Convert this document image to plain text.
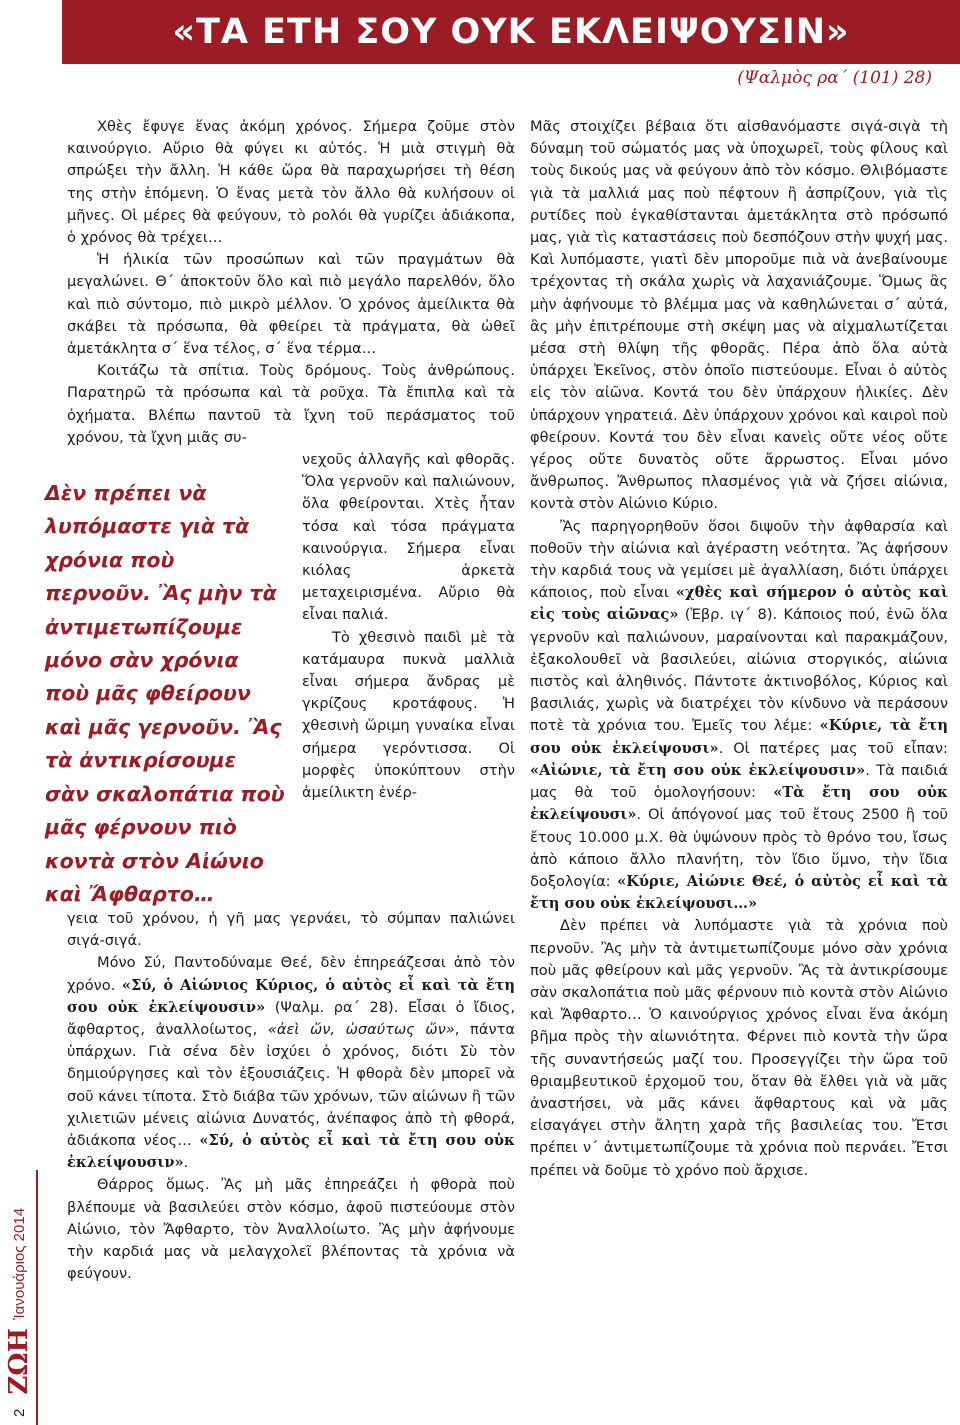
«ΤΑ ΕΤΗ ΣΟΥ ΟΥΚ ΕΚΛΕΙΨΟΥΣΙΝ»

(Ψαλμὸς ρα΄ (101) 28)

2
ΖΩΗ
Ἰανουάριος 2014

Χθὲς ἔφυγε ἕνας ἀκόμη χρόνος. Σήμερα ζοῦμε στὸν καινούργιο. Αὔριο θὰ φύγει κι αὐτός. Ἡ μιὰ στιγμὴ θὰ σπρώξει τὴν ἄλλη. Ἡ κάθε ὥρα θὰ παραχωρήσει τὴ θέση της στὴν ἑπόμενη. Ὁ ἕνας μετὰ τὸν ἄλλο θὰ κυλήσουν οἱ μῆνες. Οἱ μέρες θὰ φεύγουν, τὸ ρολόι θὰ γυρίζει ἀδιάκοπα, ὁ χρόνος θὰ τρέχει…

Ἡ ἡλικία τῶν προσώπων καὶ τῶν πραγμάτων θὰ μεγαλώνει. Θ΄ ἀποκτοῦν ὅλο καὶ πιὸ μεγάλο παρελθόν, ὅλο καὶ πιὸ σύντομο, πιὸ μικρὸ μέλλον. Ὁ χρόνος ἀμείλικτα θὰ σκάβει τὰ πρόσωπα, θὰ φθείρει τὰ πράγματα, θὰ ὠθεῖ ἀμετάκλητα σ΄ ἕνα τέλος, σ΄ ἕνα τέρμα…

Κοιτάζω τὰ σπίτια. Τοὺς δρόμους. Τοὺς ἀνθρώπους. Παρατηρῶ τὰ πρόσωπα καὶ τὰ ροῦχα. Τὰ ἔπιπλα καὶ τὰ ὀχήματα. Βλέπω παντοῦ τὰ ἴχνη τοῦ περάσματος τοῦ χρόνου, τὰ ἴχνη μιᾶς συ-

Δὲν πρέπει νὰ λυπόμαστε γιὰ τὰ χρόνια ποὺ περνοῦν. Ἂς μὴν τὰ ἀντιμετωπίζουμε μόνο σὰν χρόνια ποὺ μᾶς φθείρουν καὶ μᾶς γερνοῦν. Ἂς τὰ ἀντικρίσουμε σὰν σκαλοπάτια ποὺ μᾶς φέρνουν πιὸ κοντὰ στὸν Αἰώνιο καὶ Ἄφθαρτο…

νεχοῦς ἀλλαγῆς καὶ φθορᾶς. Ὅλα γερνοῦν καὶ παλιώνουν, ὅλα φθείρονται. Χτὲς ἦταν τόσα καὶ τόσα πράγματα καινούργια. Σήμερα εἶναι κιόλας ἀρκετὰ μεταχειρισμένα. Αὔριο θὰ εἶναι παλιά.

Τὸ χθεσινὸ παιδὶ μὲ τὰ κατάμαυρα πυκνὰ μαλλιὰ εἶναι σήμερα ἄνδρας μὲ γκρίζους κροτάφους. Ἡ χθεσινὴ ὥριμη γυναίκα εἶναι σήμερα γερόντισσα. Οἱ μορφὲς ὑποκύπτουν στὴν ἀμείλικτη ἐνέρ-

γεια τοῦ χρόνου, ἡ γῆ μας γερνάει, τὸ σύμπαν παλιώνει σιγά-σιγά.

Μόνο Σύ, Παντοδύναμε Θεέ, δὲν ἐπηρεάζεσαι ἀπὸ τὸν χρόνο. «Σύ, ὁ Αἰώνιος Κύριος, ὁ αὐτὸς εἶ καὶ τὰ ἔτη σου οὐκ ἐκλείψουσιν» (Ψαλμ. ρα΄ 28). Εἶσαι ὁ ἴδιος, ἄφθαρτος, ἀναλλοίωτος, «ἀεὶ ὤν, ὡσαύτως ὤν», πάντα ὑπάρχων. Γιὰ σένα δὲν ἰσχύει ὁ χρόνος, διότι Σὺ τὸν δημιούργησες καὶ τὸν ἐξουσιάζεις. Ἡ φθορὰ δὲν μπορεῖ νὰ σοῦ κάνει τίποτα. Στὸ διάβα τῶν χρόνων, τῶν αἰώνων ἢ τῶν χιλιετιῶν μένεις αἰώνια Δυνατός, ἀνέπαφος ἀπὸ τὴ φθορά, ἀδιάκοπα νέος… «Σύ, ὁ αὐτὸς εἶ καὶ τὰ ἔτη σου οὐκ ἐκλείψουσιν».

Θάρρος ὅμως. Ἂς μὴ μᾶς ἐπηρεάζει ἡ φθορὰ ποὺ βλέπουμε νὰ βασιλεύει στὸν κόσμο, ἀφοῦ πιστεύουμε στὸν Αἰώνιο, τὸν Ἄφθαρτο, τὸν Ἀναλλοίωτο. Ἂς μὴν ἀφήνουμε τὴν καρδιά μας νὰ μελαγχολεῖ βλέποντας τὰ χρόνια νὰ φεύγουν.

Μᾶς στοιχίζει βέβαια ὅτι αἰσθανόμαστε σιγά-σιγὰ τὴ δύναμη τοῦ σώματός μας νὰ ὑποχωρεῖ, τοὺς φίλους καὶ τοὺς δικούς μας νὰ φεύγουν ἀπὸ τὸν κόσμο. Θλιβόμαστε γιὰ τὰ μαλλιά μας ποὺ πέφτουν ἢ ἀσπρίζουν, γιὰ τὶς ρυτίδες ποὺ ἐγκαθίστανται ἀμετάκλητα στὸ πρόσωπό μας, γιὰ τὶς καταστάσεις ποὺ δεσπόζουν στὴν ψυχή μας. Καὶ λυπόμαστε, γιατὶ δὲν μποροῦμε πιὰ νὰ ἀνεβαίνουμε τρέχοντας τὴ σκάλα χωρὶς νὰ λαχανιάζουμε. Ὅμως ἂς μὴν ἀφήνουμε τὸ βλέμμα μας νὰ καθηλώνεται σ΄ αὐτά, ἂς μὴν ἐπιτρέπουμε στὴ σκέψη μας νὰ αἰχμαλωτίζεται μέσα στὴ θλίψη τῆς φθορᾶς. Πέρα ἀπὸ ὅλα αὐτὰ ὑπάρχει Ἐκεῖνος, στὸν ὁποῖο πιστεύουμε. Εἶναι ὁ αὐτὸς εἰς τὸν αἰῶνα. Κοντά του δὲν ὑπάρχουν ἡλικίες. Δὲν ὑπάρχουν γηρατειά. Δὲν ὑπάρχουν χρόνοι καὶ καιροὶ ποὺ φθείρουν. Κοντά του δὲν εἶναι κανεὶς οὔτε νέος οὔτε γέρος οὔτε δυνατὸς οὔτε ἄρρωστος. Εἶναι μόνο ἄνθρωπος. Ἄνθρωπος πλασμένος γιὰ νὰ ζήσει αἰώνια, κοντὰ στὸν Αἰώνιο Κύριο.

Ἂς παρηγορηθοῦν ὅσοι διψοῦν τὴν ἀφθαρσία καὶ ποθοῦν τὴν αἰώνια καὶ ἀγέραστη νεότητα. Ἂς ἀφήσουν τὴν καρδιά τους νὰ γεμίσει μὲ ἀγαλλίαση, διότι ὑπάρχει κάποιος, ποὺ εἶναι «χθὲς καὶ σήμερον ὁ αὐτὸς καὶ εἰς τοὺς αἰῶνας» (Ἑβρ. ιγ΄ 8). Κάποιος πού, ἐνῶ ὅλα γερνοῦν καὶ παλιώνουν, μαραίνονται καὶ παρακμάζουν, ἐξακολουθεῖ νὰ βασιλεύει, αἰώνια στοργικός, αἰώνια πιστὸς καὶ ἀληθινός. Πάντοτε ἀκτινοβόλος, Κύριος καὶ βασιλιάς, χωρὶς νὰ διατρέχει τὸν κίνδυνο νὰ περάσουν ποτὲ τὰ χρόνια του. Ἐμεῖς του λέμε: «Κύριε, τὰ ἔτη σου οὐκ ἐκλείψουσι». Οἱ πατέρες μας τοῦ εἶπαν: «Αἰώνιε, τὰ ἔτη σου οὐκ ἐκλείψουσιν». Τὰ παιδιά μας θὰ τοῦ ὁμολογήσουν: «Τὰ ἔτη σου οὐκ ἐκλείψουσι». Οἱ ἀπόγονοί μας τοῦ ἔτους 2500 ἢ τοῦ ἔτους 10.000 μ.Χ. θὰ ὑψώνουν πρὸς τὸ θρόνο του, ἴσως ἀπὸ κάποιο ἄλλο πλανήτη, τὸν ἴδιο ὕμνο, τὴν ἴδια δοξολογία: «Κύριε, Αἰώνιε Θεέ, ὁ αὐτὸς εἶ καὶ τὰ ἔτη σου οὐκ ἐκλείψουσι…»

Δὲν πρέπει νὰ λυπόμαστε γιὰ τὰ χρόνια ποὺ περνοῦν. Ἂς μὴν τὰ ἀντιμετωπίζουμε μόνο σὰν χρόνια ποὺ μᾶς φθείρουν καὶ μᾶς γερνοῦν. Ἂς τὰ ἀντικρίσουμε σὰν σκαλοπάτια ποὺ μᾶς φέρνουν πιὸ κοντὰ στὸν Αἰώνιο καὶ Ἄφθαρτο… Ὁ καινούργιος χρόνος εἶναι ἕνα ἀκόμη βῆμα πρὸς τὴν αἰωνιότητα. Φέρνει πιὸ κοντὰ τὴν ὥρα τῆς συναντήσεώς μαζί του. Προσεγγίζει τὴν ὥρα τοῦ θριαμβευτικοῦ ἐρχομοῦ του, ὅταν θὰ ἔλθει γιὰ νὰ μᾶς ἀναστήσει, νὰ μᾶς κάνει ἄφθαρτους καὶ νὰ μᾶς εἰσαγάγει στὴν ἄλητη χαρὰ τῆς βασιλείας του. Ἔτσι πρέπει ν΄ ἀντιμετωπίζουμε τὰ χρόνια ποὺ περνάει. Ἔτσι πρέπει νὰ δοῦμε τὸ χρόνο ποὺ ἄρχισε.
